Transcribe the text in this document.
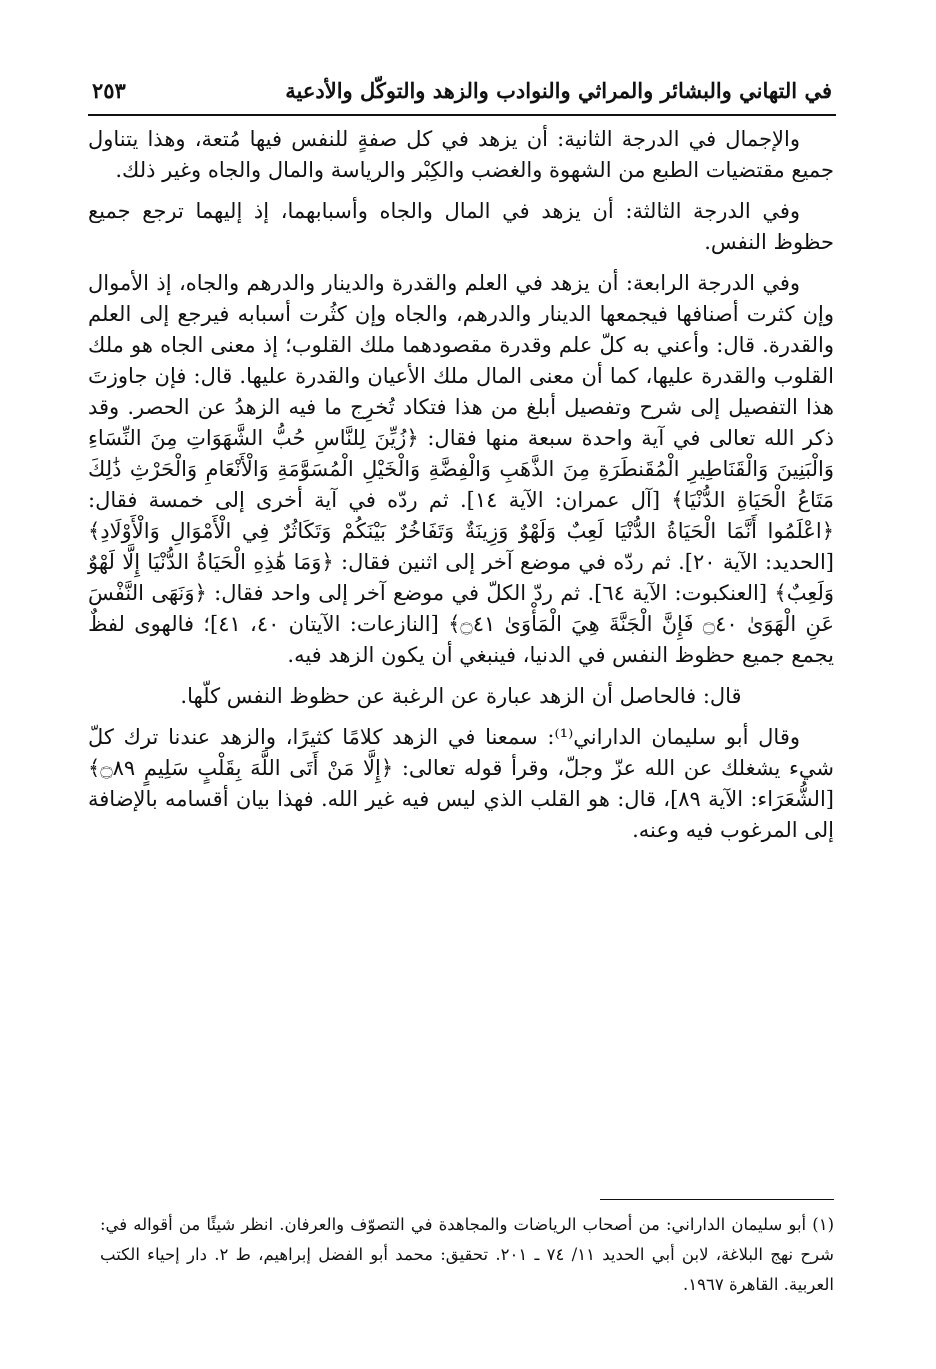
في التهاني والبشائر والمراثي والنوادب والزهد والتوكّل والأدعية
٢٥٣

والإجمال في الدرجة الثانية: أن يزهد في كل صفةٍ للنفس فيها مُتعة، وهذا يتناول جميع مقتضيات الطبع من الشهوة والغضب والكِبْر والرياسة والمال والجاه وغير ذلك.

وفي الدرجة الثالثة: أن يزهد في المال والجاه وأسبابهما، إذ إليهما ترجع جميع حظوظ النفس.

وفي الدرجة الرابعة: أن يزهد في العلم والقدرة والدينار والدرهم والجاه، إذ الأموال وإن كثرت أصنافها فيجمعها الدينار والدرهم، والجاه وإن كثُرت أسبابه فيرجع إلى العلم والقدرة. قال: وأعني به كلّ علم وقدرة مقصودهما ملك القلوب؛ إذ معنى الجاه هو ملك القلوب والقدرة عليها، كما أن معنى المال ملك الأعيان والقدرة عليها. قال: فإن جاوزتَ هذا التفصيل إلى شرح وتفصيل أبلغ من هذا فتكاد تُخرِج ما فيه الزهدُ عن الحصر. وقد ذكر الله تعالى في آية واحدة سبعة منها فقال: ﴿زُيِّنَ لِلنَّاسِ حُبُّ الشَّهَوَاتِ مِنَ النِّسَاءِ وَالْبَنِينَ وَالْقَنَاطِيرِ الْمُقَنطَرَةِ مِنَ الذَّهَبِ وَالْفِضَّةِ وَالْخَيْلِ الْمُسَوَّمَةِ وَالْأَنْعَامِ وَالْحَرْثِ ذَٰلِكَ مَتَاعُ الْحَيَاةِ الدُّنْيَا﴾ [آل عمران: الآية ١٤]. ثم ردّه في آية أخرى إلى خمسة فقال: ﴿اعْلَمُوا أَنَّمَا الْحَيَاةُ الدُّنْيَا لَعِبٌ وَلَهْوٌ وَزِينَةٌ وَتَفَاخُرٌ بَيْنَكُمْ وَتَكَاثُرٌ فِي الْأَمْوَالِ وَالْأَوْلَادِ﴾ [الحديد: الآية ٢٠]. ثم ردّه في موضع آخر إلى اثنين فقال: ﴿وَمَا هَٰذِهِ الْحَيَاةُ الدُّنْيَا إِلَّا لَهْوٌ وَلَعِبٌ﴾ [العنكبوت: الآية ٦٤]. ثم ردّ الكلّ في موضع آخر إلى واحد فقال: ﴿وَنَهَى النَّفْسَ عَنِ الْهَوَىٰ ۝٤٠ فَإِنَّ الْجَنَّةَ هِيَ الْمَأْوَىٰ ۝٤١﴾ [النازعات: الآيتان ٤٠، ٤١]؛ فالهوى لفظٌ يجمع جميع حظوظ النفس في الدنيا، فينبغي أن يكون الزهد فيه.

قال: فالحاصل أن الزهد عبارة عن الرغبة عن حظوظ النفس كلّها.

وقال أبو سليمان الداراني⁽¹⁾: سمعنا في الزهد كلامًا كثيرًا، والزهد عندنا ترك كلّ شيء يشغلك عن الله عزّ وجلّ، وقرأ قوله تعالى: ﴿إِلَّا مَنْ أَتَى اللَّهَ بِقَلْبٍ سَلِيمٍ ۝٨٩﴾ [الشُّعَرَاء: الآية ٨٩]، قال: هو القلب الذي ليس فيه غير الله. فهذا بيان أقسامه بالإضافة إلى المرغوب فيه وعنه.

(١) أبو سليمان الداراني: من أصحاب الرياضات والمجاهدة في التصوّف والعرفان. انظر شيئًا من أقواله في: شرح نهج البلاغة، لابن أبي الحديد ١١/ ٧٤ ـ ٢٠١. تحقيق: محمد أبو الفضل إبراهيم، ط ٢. دار إحياء الكتب العربية. القاهرة ١٩٦٧.
